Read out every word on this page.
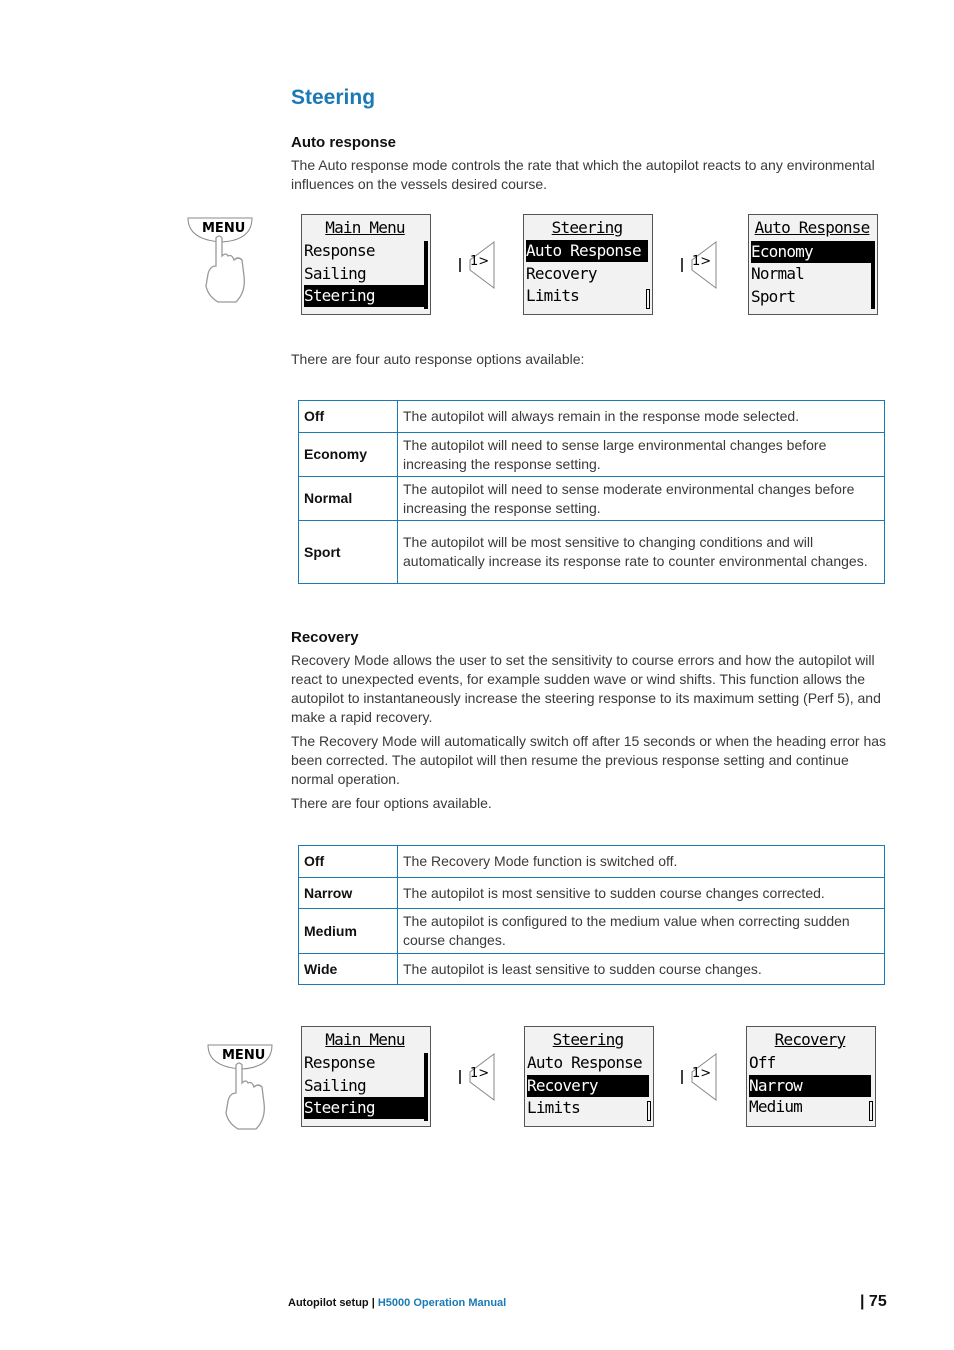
Steering
Auto response

The Auto response mode controls the rate that which the autopilot reacts to any environmental influences on the vessels desired course.

MENU	Main Menu
Response
Sailing
Steering
1>
Steering
Auto Response
Recovery
Limits
1>
Auto Response
Economy
Normal
Sport

There are four auto response options available:

Off	The autopilot will always remain in the response mode selected.
Economy	The autopilot will need to sense large environmental changes before increasing the response setting.
Normal	The autopilot will need to sense moderate environmental changes before increasing the response setting.
Sport	The autopilot will be most sensitive to changing conditions and will automatically increase its response rate to counter environmental changes.
Recovery

Recovery Mode allows the user to set the sensitivity to course errors and how the autopilot will react to unexpected events, for example sudden wave or wind shifts. This function allows the autopilot to instantaneously increase the steering response to its maximum setting (Perf 5), and make a rapid recovery.

The Recovery Mode will automatically switch off after 15 seconds or when the heading error has been corrected. The autopilot will then resume the previous response setting and continue normal operation.

There are four options available.

Off	The Recovery Mode function is switched off.
Narrow	The autopilot is most sensitive to sudden course changes corrected.
Medium	The autopilot is configured to the medium value when correcting sudden course changes.
Wide	The autopilot is least sensitive to sudden course changes.
MENU
Main Menu
Response
Sailing
Steering
1>
Steering
Auto Response
Recovery
Limits
1>
Recovery
Off
Narrow
Medium
Autopilot setup | H5000 Operation Manual	| 75
